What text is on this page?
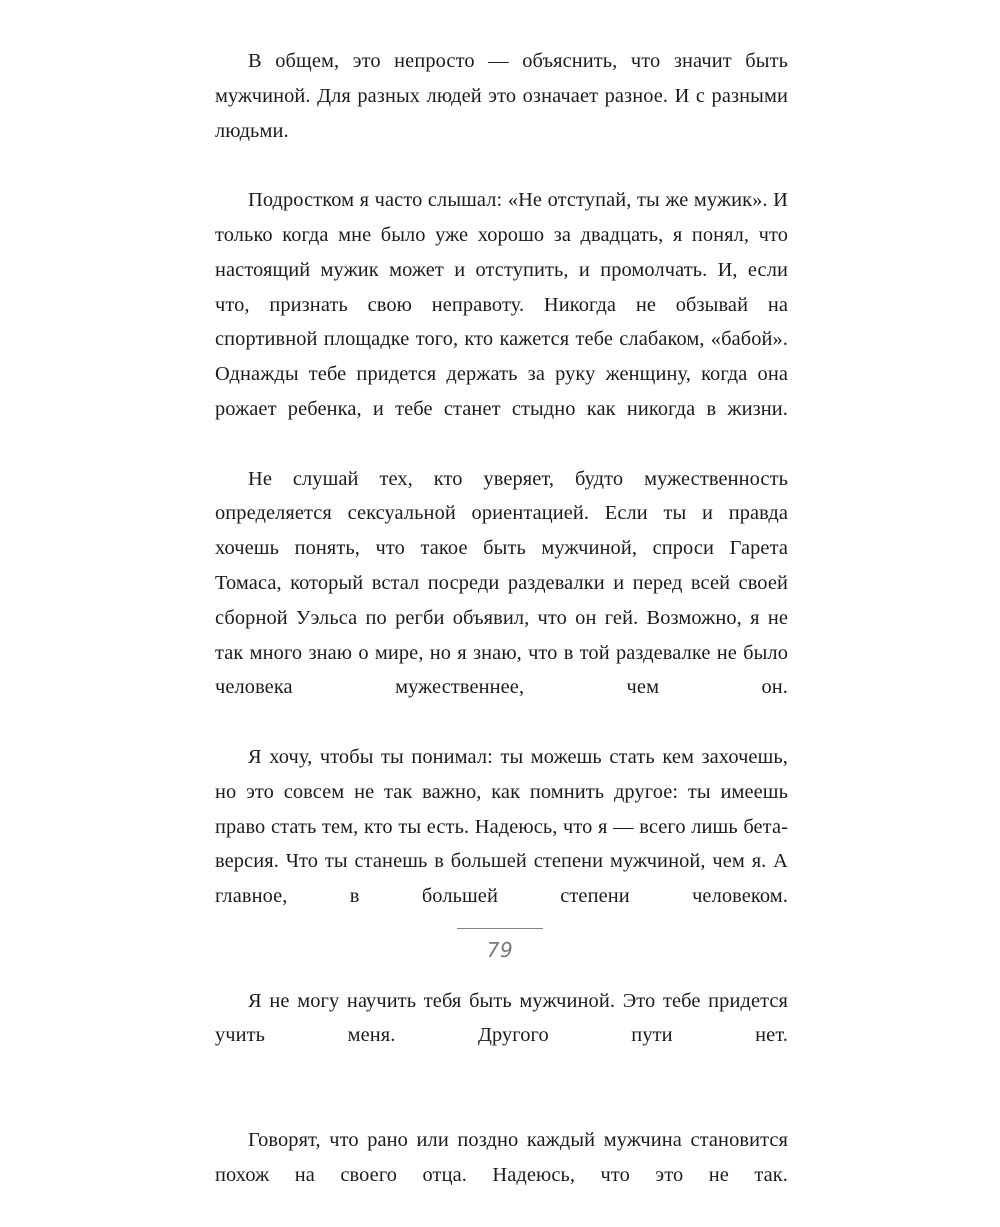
В общем, это непросто — объяснить, что значит быть мужчиной. Для разных людей это означает разное. И с разными людьми.

Подростком я часто слышал: «Не отступай, ты же мужик». И только когда мне было уже хорошо за двадцать, я понял, что настоящий мужик может и отступить, и промолчать. И, если что, признать свою неправоту. Никогда не обзывай на спортивной площадке того, кто кажется тебе слабаком, «бабой». Однажды тебе придется держать за руку женщину, когда она рожает ребенка, и тебе станет стыдно как никогда в жизни.

Не слушай тех, кто уверяет, будто мужественность определяется сексуальной ориентацией. Если ты и правда хочешь понять, что такое быть мужчиной, спроси Гарета Томаса, который встал посреди раздевалки и перед всей своей сборной Уэльса по регби объявил, что он гей. Возможно, я не так много знаю о мире, но я знаю, что в той раздевалке не было человека мужественнее, чем он.

Я хочу, чтобы ты понимал: ты можешь стать кем захочешь, но это совсем не так важно, как помнить другое: ты имеешь право стать тем, кто ты есть. Надеюсь, что я — всего лишь бета-версия. Что ты станешь в большей степени мужчиной, чем я. А главное, в большей степени человеком.

Я не могу научить тебя быть мужчиной. Это тебе придется учить меня. Другого пути нет.

Говорят, что рано или поздно каждый мужчина становится похож на своего отца. Надеюсь, что это не так.

79
